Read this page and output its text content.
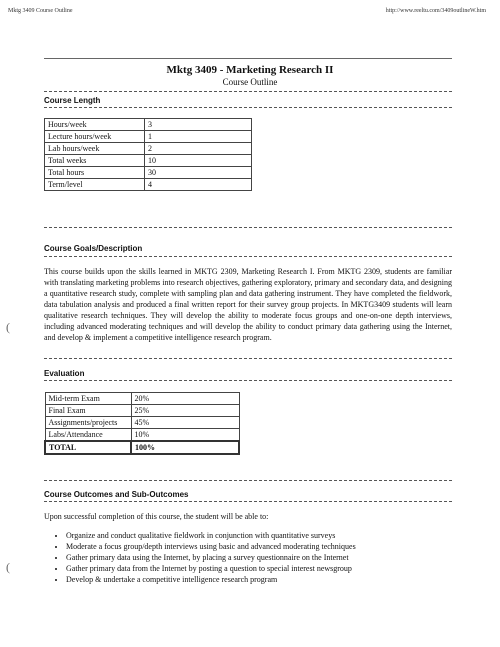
Mktg 3409 Course Outline	http://www.reeltu.com/3409outlineW.htm
Mktg 3409 - Marketing Research II
Course Outline
Course Length
Hours/week	3
Lecture hours/week	1
Lab hours/week	2
Total weeks	10
Total hours	30
Term/level	4
Course Goals/Description
This course builds upon the skills learned in MKTG 2309, Marketing Research I. From MKTG 2309, students are familiar with translating marketing problems into research objectives, gathering exploratory, primary and secondary data, and designing a quantitative research study, complete with sampling plan and data gathering instrument. They have completed the fieldwork, data tabulation analysis and produced a final written report for their survey group projects. In MKTG3409 students will learn qualitative research techniques. They will develop the ability to moderate focus groups and one-on-one depth interviews, including advanced moderating techniques and will develop the ability to conduct primary data gathering using the Internet, and develop & implement a competitive intelligence research program.
Evaluation
Mid-term Exam	20%
Final Exam	25%
Assignments/projects	45%
Labs/Attendance	10%
TOTAL	100%
Course Outcomes and Sub-Outcomes
Upon successful completion of this course, the student will be able to:
• Organize and conduct qualitative fieldwork in conjunction with quantitative surveys
• Moderate a focus group/depth interviews using basic and advanced moderating techniques
• Gather primary data using the Internet, by placing a survey questionnaire on the Internet
• Gather primary data from the Internet by posting a question to special interest newsgroup
• Develop & undertake a competitive intelligence research program
(
(
